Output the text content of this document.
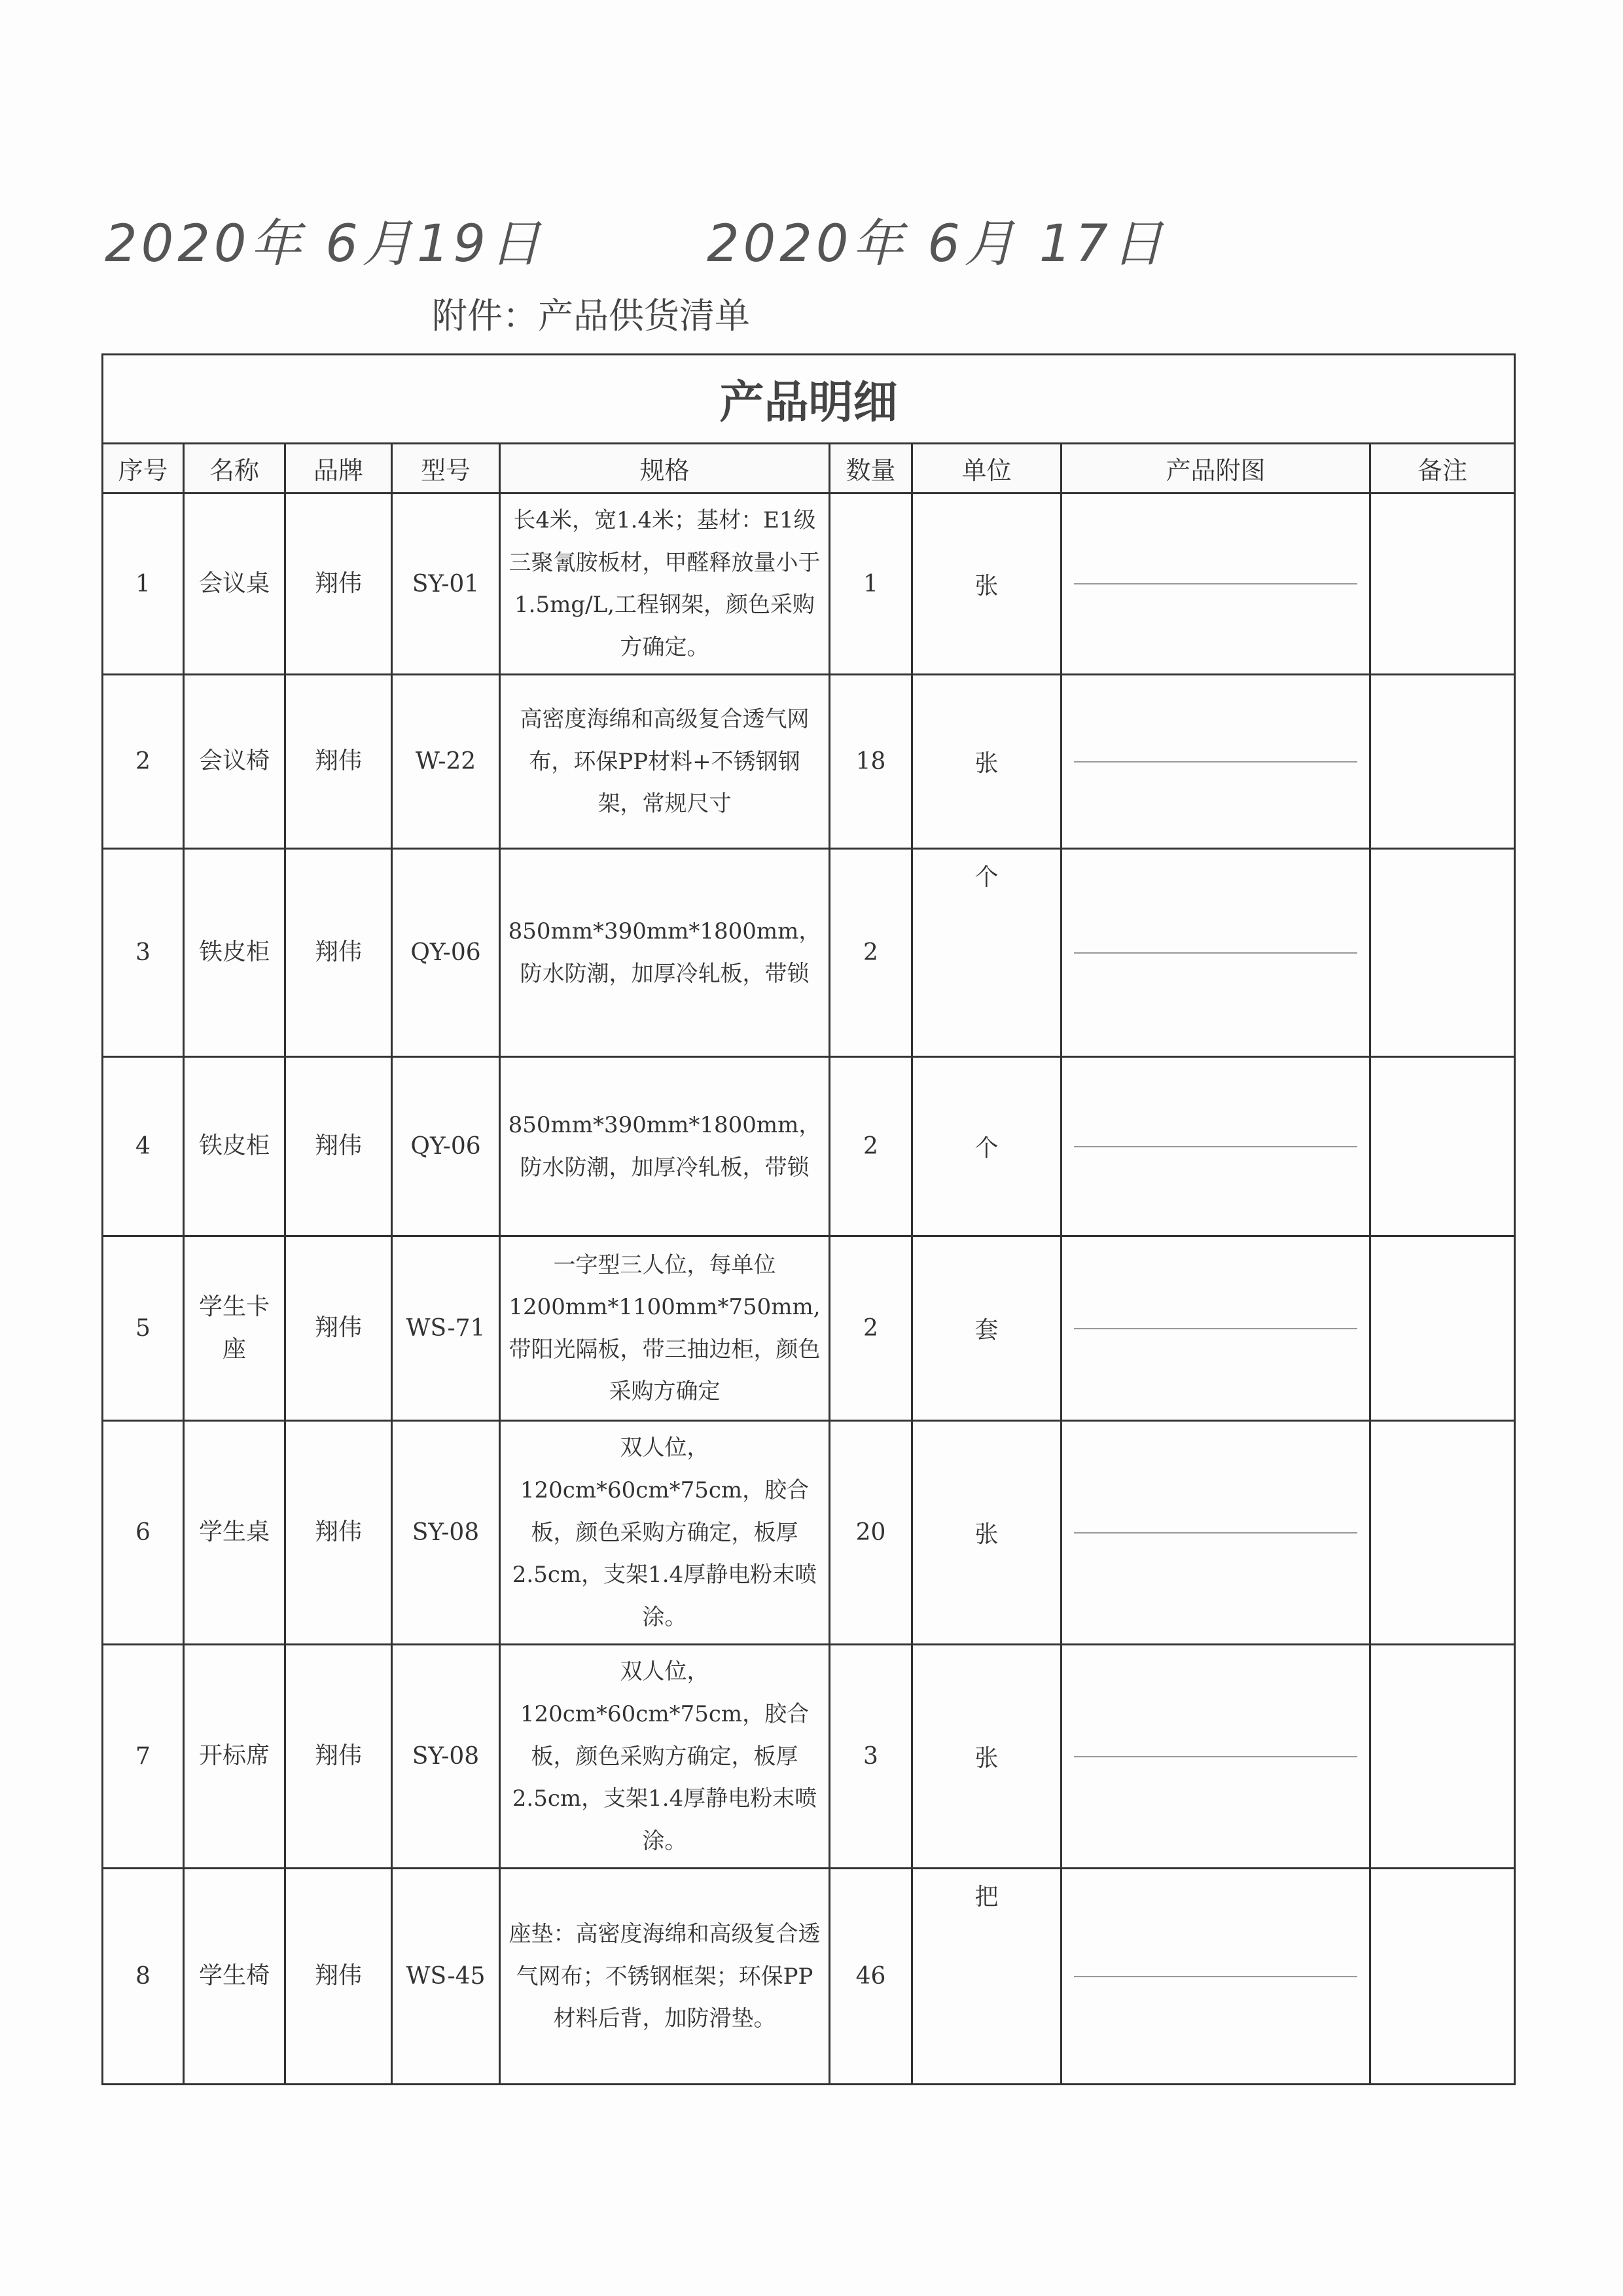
2020年 6月19日	2020年 6月 17日
附件：产品供货清单
产品明细								
序号	名称	品牌	型号	规格	数量	单位	产品附图	备注
1	会议桌	翔伟	SY-01	长4米，宽1.4米；基材：E1级三聚氰胺板材，甲醛释放量小于1.5mg/L,工程钢架，颜色采购方确定。	1	张	

2	会议椅	翔伟	W-22	高密度海绵和高级复合透气网布，环保PP材料+不锈钢钢架，常规尺寸	18	张	

3	铁皮柜	翔伟	QY-06	850mm*390mm*1800mm，防水防潮，加厚冷轧板，带锁	2	个	

4	铁皮柜	翔伟	QY-06	850mm*390mm*1800mm，防水防潮，加厚冷轧板，带锁	2	个	

5	学生卡座	翔伟	WS-71	一字型三人位，每单位1200mm*1100mm*750mm,带阳光隔板，带三抽边柜，颜色采购方确定	2	套	

6	学生桌	翔伟	SY-08	双人位，120cm*60cm*75cm，胶合板，颜色采购方确定，板厚2.5cm，支架1.4厚静电粉末喷涂。	20	张	

7	开标席	翔伟	SY-08	双人位，120cm*60cm*75cm，胶合板，颜色采购方确定，板厚2.5cm，支架1.4厚静电粉末喷涂。	3	张	

8	学生椅	翔伟	WS-45	座垫：高密度海绵和高级复合透气网布；不锈钢框架；环保PP材料后背，加防滑垫。	46	把	
